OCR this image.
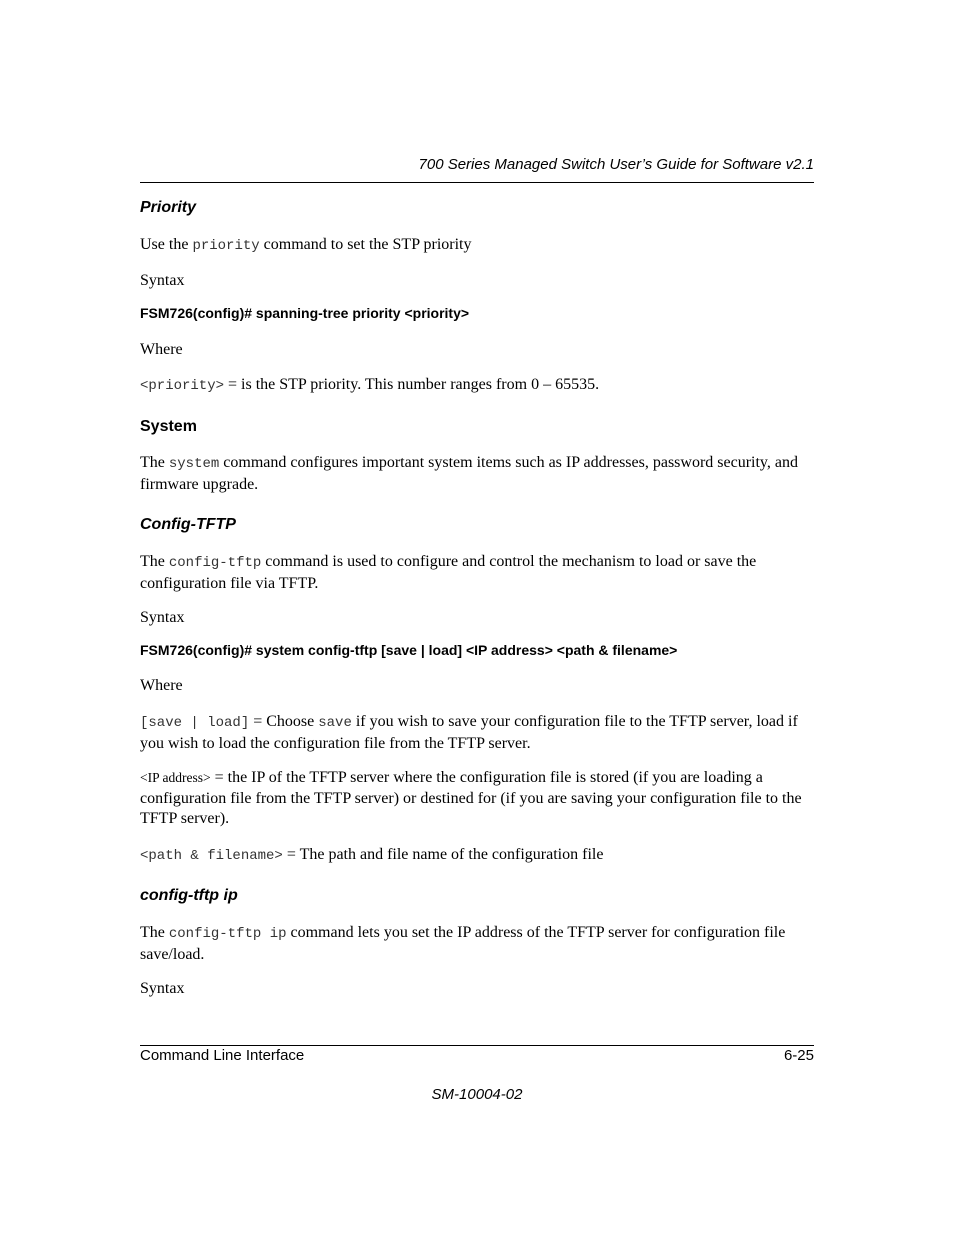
700 Series Managed Switch User’s Guide for Software v2.1
Priority
Use the priority command to set the STP priority
Syntax
FSM726(config)# spanning-tree priority <priority>
Where
<priority> = is the STP priority. This number ranges from 0 – 65535.
System
The system command configures important system items such as IP addresses, password security, and firmware upgrade.
Config-TFTP
The config-tftp command is used to configure and control the mechanism to load or save the configuration file via TFTP.
Syntax
FSM726(config)# system config-tftp [save | load] <IP address> <path & filename>
Where
[save | load] = Choose save if you wish to save your configuration file to the TFTP server, load if you wish to load the configuration file from the TFTP server.
<IP address> = the IP of the TFTP server where the configuration file is stored (if you are loading a configuration file from the TFTP server) or destined for (if you are saving your configuration file to the TFTP server).
<path & filename> = The path and file name of the configuration file
config-tftp ip
The config-tftp ip command lets you set the IP address of the TFTP server for configuration file save/load.
Syntax
Command Line Interface	6-25
SM-10004-02
